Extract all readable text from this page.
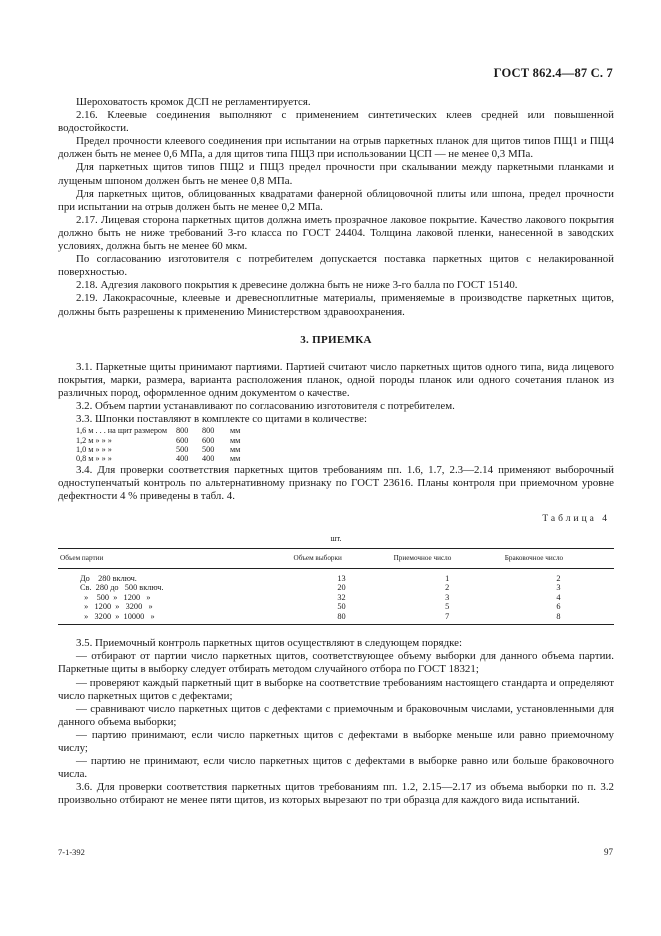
ГОСТ 862.4—87 С. 7

Шероховатость кромок ДСП не регламентируется.

2.16. Клеевые соединения выполняют с применением синтетических клеев средней или повышенной водостойкости.

Предел прочности клеевого соединения при испытании на отрыв паркетных планок для щитов типов ПЩ1 и ПЩ4 должен быть не менее 0,6 МПа, а для щитов типа ПЩ3 при использовании ЦСП — не менее 0,3 МПа.

Для паркетных щитов типов ПЩ2 и ПЩ3 предел прочности при скалывании между паркетными планками и лущеным шпоном должен быть не менее 0,8 МПа.

Для паркетных щитов, облицованных квадратами фанерной облицовочной плиты или шпона, предел прочности при испытании на отрыв должен быть не менее 0,2 МПа.

2.17. Лицевая сторона паркетных щитов должна иметь прозрачное лаковое покрытие. Качество лакового покрытия должно быть не ниже требований 3-го класса по ГОСТ 24404. Толщина лаковой пленки, нанесенной в заводских условиях, должна быть не менее 60 мкм.

По согласованию изготовителя с потребителем допускается поставка паркетных щитов с нелакированной поверхностью.

2.18. Адгезия лакового покрытия к древесине должна быть не ниже 3-го балла по ГОСТ 15140.

2.19. Лакокрасочные, клеевые и древесноплитные материалы, применяемые в производстве паркетных щитов, должны быть разрешены к применению Министерством здравоохранения.

3. ПРИЕМКА

3.1. Паркетные щиты принимают партиями. Партией считают число паркетных щитов одного типа, вида лицевого покрытия, марки, размера, варианта расположения планок, одной породы планок или одного сочетания планок из различных пород, оформленное одним документом о качестве.

3.2. Объем партии устанавливают по согласованию изготовителя с потребителем.

3.3. Шпонки поставляют в комплекте со щитами в количестве:

1,6 м . . . на щит размером	800	800	мм
1,2 м » » »	600	600	мм
1,0 м » » »	500	500	мм
0,8 м » » »	400	400	мм

3.4. Для проверки соответствия паркетных щитов требованиям пп. 1.6, 1.7, 2.3—2.14 применяют выборочный одноступенчатый контроль по альтернативному признаку по ГОСТ 23616. Планы контроля при приемочном уровне дефектности 4 % приведены в табл. 4.

Таблица 4
шт.
Объем партии	Объем выборки	Приемочное число	Браковочное число
До    280 включ.	13	1	2
Св.  280 до   500 включ.	20	2	3
»    500  »   1200   »	32	3	4
»   1200  »   3200   »	50	5	6
»   3200  »  10000   »	80	7	8

3.5. Приемочный контроль паркетных щитов осуществляют в следующем порядке:

— отбирают от партии число паркетных щитов, соответствующее объему выборки для данного объема партии. Паркетные щиты в выборку следует отбирать методом случайного отбора по ГОСТ 18321;

— проверяют каждый паркетный щит в выборке на соответствие требованиям настоящего стандарта и определяют число паркетных щитов с дефектами;

— сравнивают число паркетных щитов с дефектами с приемочным и браковочным числами, установленными для данного объема выборки;

— партию принимают, если число паркетных щитов с дефектами в выборке меньше или равно приемочному числу;

— партию не принимают, если число паркетных щитов с дефектами в выборке равно или больше браковочного числа.

3.6. Для проверки соответствия паркетных щитов требованиям пп. 1.2, 2.15—2.17 из объема выборки по п. 3.2 произвольно отбирают не менее пяти щитов, из которых вырезают по три образца для каждого вида испытаний.

7-1-392	97
